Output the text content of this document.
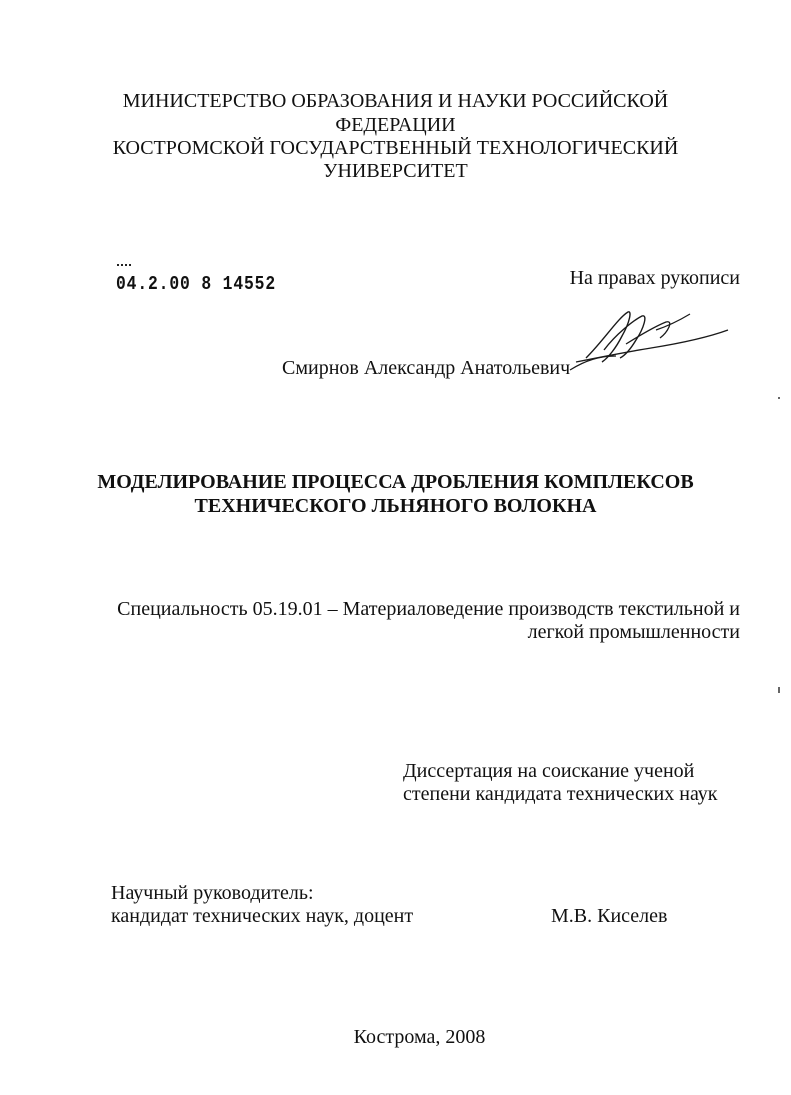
МИНИСТЕРСТВО ОБРАЗОВАНИЯ И НАУКИ РОССИЙСКОЙ
ФЕДЕРАЦИИ
КОСТРОМСКОЙ ГОСУДАРСТВЕННЫЙ ТЕХНОЛОГИЧЕСКИЙ
УНИВЕРСИТЕТ
04.2.00 8 14552	На правах рукописи
Смирнов Александр Анатольевич
МОДЕЛИРОВАНИЕ ПРОЦЕССА ДРОБЛЕНИЯ КОМПЛЕКСОВ
ТЕХНИЧЕСКОГО ЛЬНЯНОГО ВОЛОКНА
Специальность 05.19.01 – Материаловедение производств текстильной и
легкой промышленности
Диссертация на соискание ученой
степени кандидата технических наук
Научный руководитель:
кандидат технических наук, доцент	М.В. Киселев
Кострома, 2008
